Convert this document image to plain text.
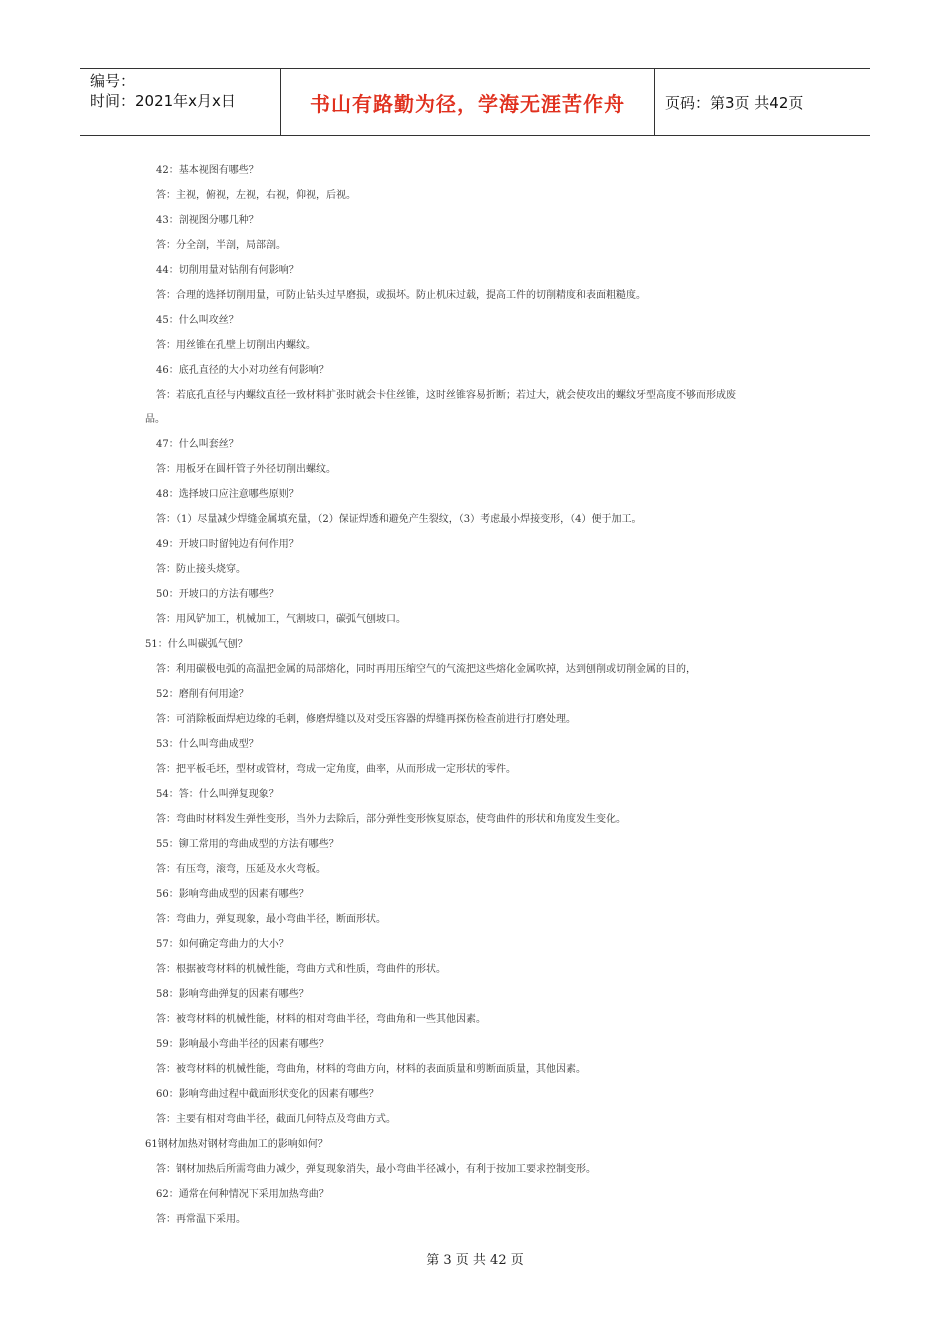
编号：
时间：2021年x月x日	书山有路勤为径，学海无涯苦作舟	页码：第3页 共42页
42：基本视图有哪些？
答：主视，俯视，左视，右视，仰视，后视。
43：剖视图分哪几种？
答：分全剖，半剖，局部剖。
44：切削用量对钻削有何影响？
答：合理的选择切削用量，可防止钻头过早磨损，或损坏。防止机床过载，提高工件的切削精度和表面粗糙度。
45：什么叫攻丝？
答：用丝锥在孔壁上切削出内螺纹。
46：底孔直径的大小对功丝有何影响？
答：若底孔直径与内螺纹直径一致材料扩张时就会卡住丝锥，这时丝锥容易折断；若过大，就会使攻出的螺纹牙型高度不够而形成废
品。
47：什么叫套丝？
答：用板牙在圆杆管子外径切削出螺纹。
48：选择坡口应注意哪些原则？
答：（1）尽量减少焊缝金属填充量，（2）保证焊透和避免产生裂纹，（3）考虑最小焊接变形，（4）便于加工。
49：开坡口时留钝边有何作用？
答：防止接头烧穿。
50：开坡口的方法有哪些？
答：用风铲加工，机械加工，气割坡口，碳弧气刨坡口。
51：什么叫碳弧气刨？
答：利用碳极电弧的高温把金属的局部熔化，同时再用压缩空气的气流把这些熔化金属吹掉，达到刨削或切削金属的目的，
52：磨削有何用途？
答：可消除板面焊疤边缘的毛刺，修磨焊缝以及对受压容器的焊缝再探伤检查前进行打磨处理。
53：什么叫弯曲成型？
答：把平板毛坯，型材或管材，弯成一定角度，曲率，从而形成一定形状的零件。
54：答：什么叫弹复现象？
答：弯曲时材料发生弹性变形，当外力去除后，部分弹性变形恢复原态，使弯曲件的形状和角度发生变化。
55：铆工常用的弯曲成型的方法有哪些？
答：有压弯，滚弯，压延及水火弯板。
56：影响弯曲成型的因素有哪些？
答：弯曲力，弹复现象，最小弯曲半径，断面形状。
57：如何确定弯曲力的大小？
答：根据被弯材料的机械性能，弯曲方式和性质，弯曲件的形状。
58：影响弯曲弹复的因素有哪些？
答：被弯材料的机械性能，材料的相对弯曲半径，弯曲角和一些其他因素。
59：影响最小弯曲半径的因素有哪些？
答：被弯材料的机械性能，弯曲角，材料的弯曲方向，材料的表面质量和剪断面质量，其他因素。
60：影响弯曲过程中截面形状变化的因素有哪些？
答：主要有相对弯曲半径，截面几何特点及弯曲方式。
61钢材加热对钢材弯曲加工的影响如何？
答：钢材加热后所需弯曲力减少，弹复现象消失，最小弯曲半径减小，有利于按加工要求控制变形。
62：通常在何种情况下采用加热弯曲？
答：再常温下采用。
第 3 页 共 42 页
